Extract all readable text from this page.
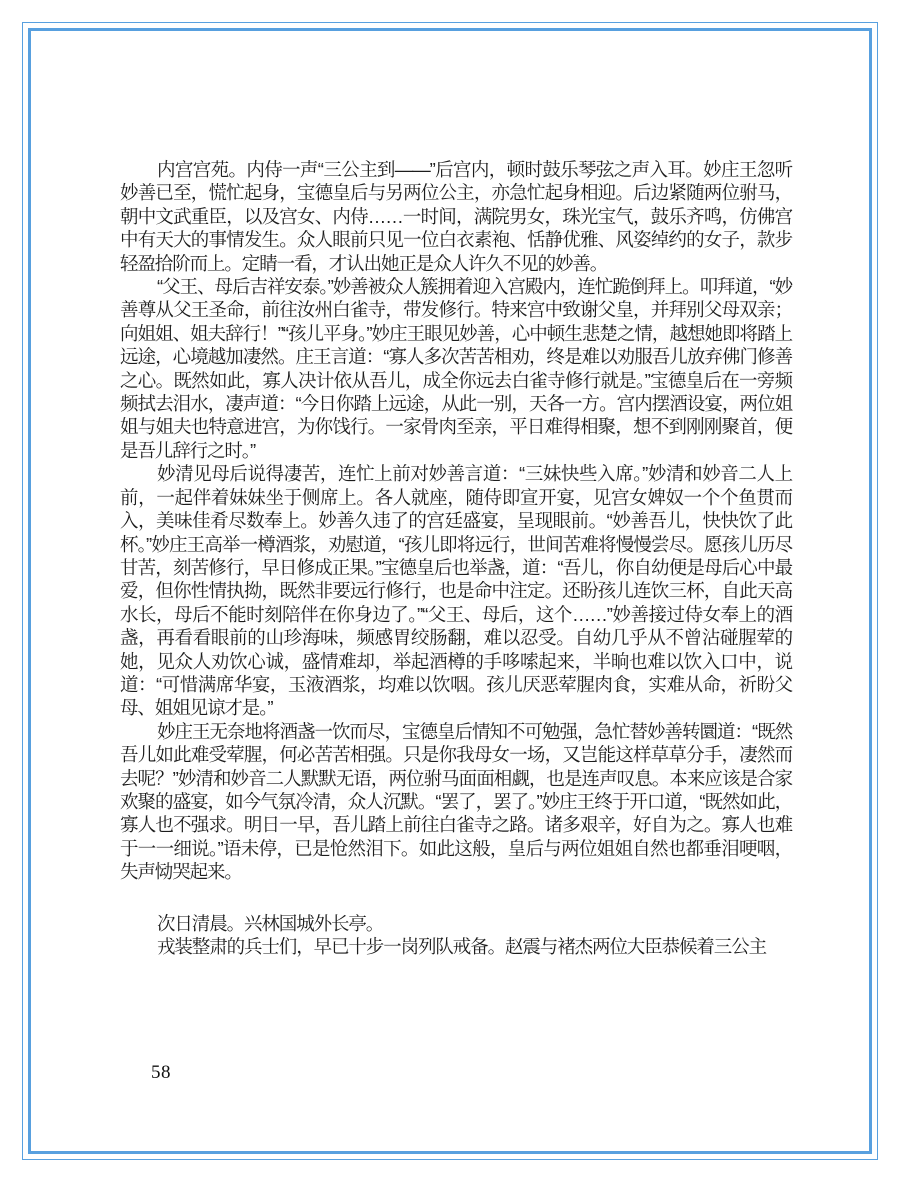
内宫宫苑。内侍一声“三公主到——”后宫内，顿时鼓乐琴弦之声入耳。妙庄王忽听妙善已至，慌忙起身，宝德皇后与另两位公主，亦急忙起身相迎。后边紧随两位驸马，朝中文武重臣，以及宫女、内侍……一时间，满院男女，珠光宝气，鼓乐齐鸣，仿佛宫中有天大的事情发生。众人眼前只见一位白衣素袍、恬静优雅、风姿绰约的女子，款步轻盈拾阶而上。定睛一看，才认出她正是众人许久不见的妙善。

“父王、母后吉祥安泰。”妙善被众人簇拥着迎入宫殿内，连忙跪倒拜上。叩拜道，“妙善尊从父王圣命，前往汝州白雀寺，带发修行。特来宫中致谢父皇，并拜别父母双亲；向姐姐、姐夫辞行！”“孩儿平身。”妙庄王眼见妙善，心中顿生悲楚之情，越想她即将踏上远途，心境越加凄然。庄王言道：“寡人多次苦苦相劝，终是难以劝服吾儿放弃佛门修善之心。既然如此，寡人决计依从吾儿，成全你远去白雀寺修行就是。”宝德皇后在一旁频频拭去泪水，凄声道：“今日你踏上远途，从此一别，天各一方。宫内摆酒设宴，两位姐姐与姐夫也特意进宫，为你饯行。一家骨肉至亲，平日难得相聚，想不到刚刚聚首，便是吾儿辞行之时。”

妙清见母后说得凄苦，连忙上前对妙善言道：“三妹快些入席。”妙清和妙音二人上前，一起伴着妹妹坐于侧席上。各人就座，随侍即宣开宴，见宫女婢奴一个个鱼贯而入，美味佳肴尽数奉上。妙善久违了的宫廷盛宴，呈现眼前。“妙善吾儿，快快饮了此杯。”妙庄王高举一樽酒浆，劝慰道，“孩儿即将远行，世间苦难将慢慢尝尽。愿孩儿历尽甘苦，刻苦修行，早日修成正果。”宝德皇后也举盏，道：“吾儿，你自幼便是母后心中最爱，但你性情执拗，既然非要远行修行，也是命中注定。还盼孩儿连饮三杯，自此天高水长，母后不能时刻陪伴在你身边了。”“父王、母后，这个……”妙善接过侍女奉上的酒盏，再看看眼前的山珍海味，频感胃绞肠翻，难以忍受。自幼几乎从不曾沾碰腥荤的她，见众人劝饮心诚，盛情难却，举起酒樽的手哆嗦起来，半晌也难以饮入口中，说道：“可惜满席华宴，玉液酒浆，均难以饮咽。孩儿厌恶荤腥肉食，实难从命，祈盼父母、姐姐见谅才是。”

妙庄王无奈地将酒盏一饮而尽，宝德皇后情知不可勉强，急忙替妙善转圜道：“既然吾儿如此难受荤腥，何必苦苦相强。只是你我母女一场，又岂能这样草草分手，凄然而去呢？”妙清和妙音二人默默无语，两位驸马面面相觑，也是连声叹息。本来应该是合家欢聚的盛宴，如今气氛冷清，众人沉默。“罢了，罢了。”妙庄王终于开口道，“既然如此，寡人也不强求。明日一早，吾儿踏上前往白雀寺之路。诸多艰辛，好自为之。寡人也难于一一细说。”语未停，已是怆然泪下。如此这般，皇后与两位姐姐自然也都垂泪哽咽，失声恸哭起来。

次日清晨。兴林国城外长亭。

戎装整肃的兵士们，早已十步一岗列队戒备。赵震与褚杰两位大臣恭候着三公主

58
